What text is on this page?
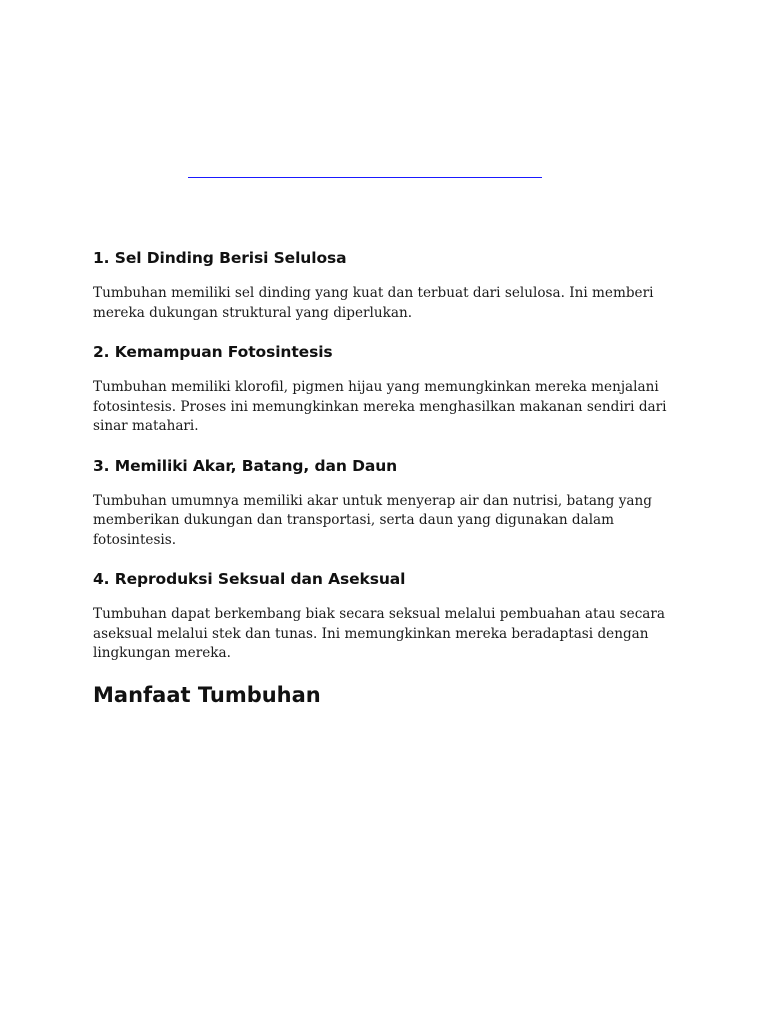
1. Sel Dinding Berisi Selulosa

Tumbuhan memiliki sel dinding yang kuat dan terbuat dari selulosa. Ini memberi mereka dukungan struktural yang diperlukan.

2. Kemampuan Fotosintesis

Tumbuhan memiliki klorofil, pigmen hijau yang memungkinkan mereka menjalani fotosintesis. Proses ini memungkinkan mereka menghasilkan makanan sendiri dari sinar matahari.

3. Memiliki Akar, Batang, dan Daun

Tumbuhan umumnya memiliki akar untuk menyerap air dan nutrisi, batang yang memberikan dukungan dan transportasi, serta daun yang digunakan dalam fotosintesis.

4. Reproduksi Seksual dan Aseksual

Tumbuhan dapat berkembang biak secara seksual melalui pembuahan atau secara aseksual melalui stek dan tunas. Ini memungkinkan mereka beradaptasi dengan lingkungan mereka.

Manfaat Tumbuhan
